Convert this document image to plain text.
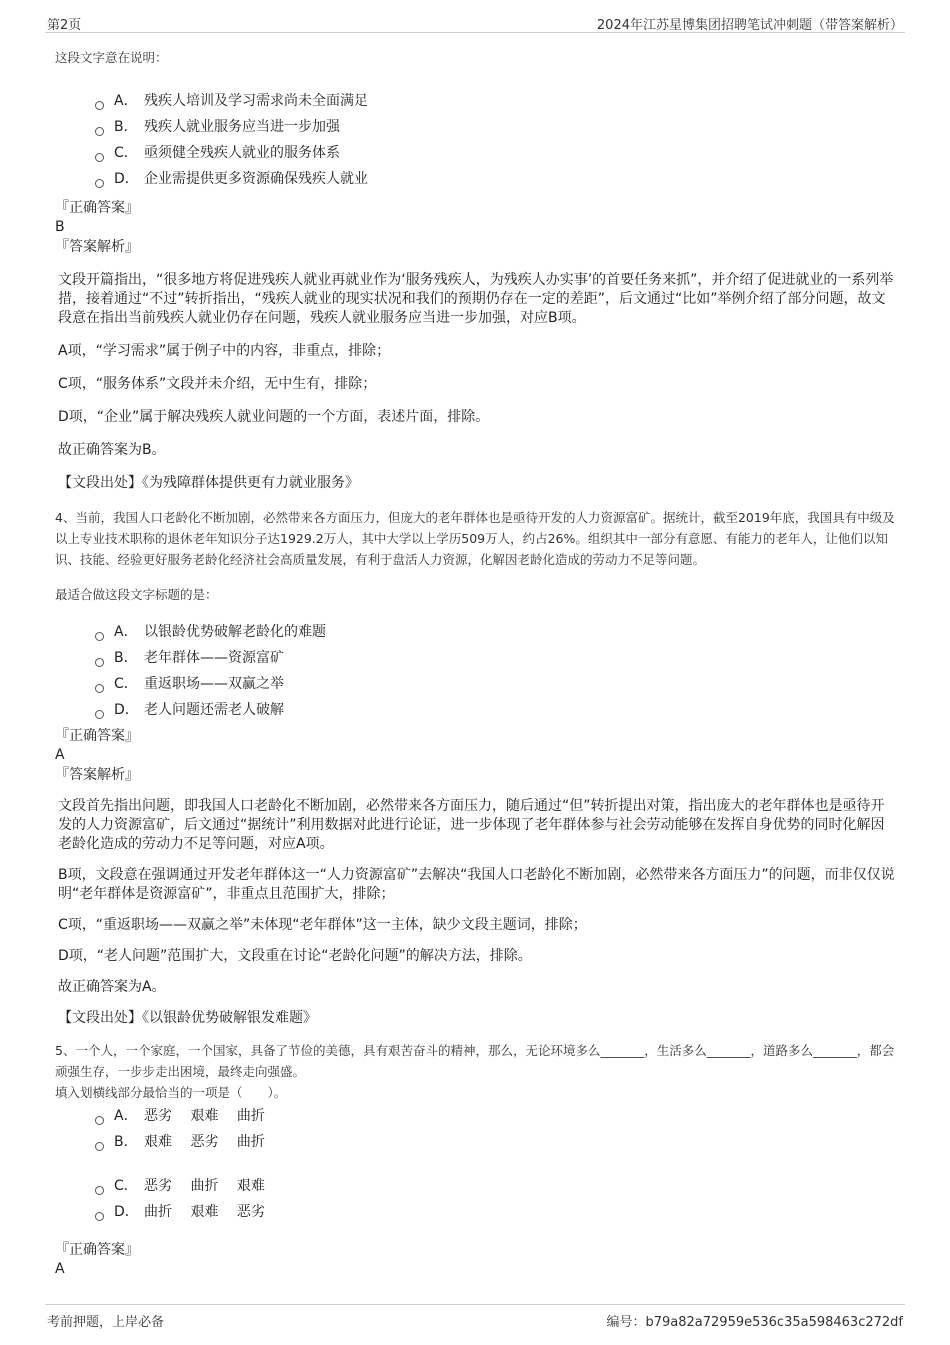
第2页	2024年江苏星博集团招聘笔试冲刺题（带答案解析）
这段文字意在说明：
A． 残疾人培训及学习需求尚未全面满足
B． 残疾人就业服务应当进一步加强
C． 亟须健全残疾人就业的服务体系
D． 企业需提供更多资源确保残疾人就业
『正确答案』
B
『答案解析』

文段开篇指出，“很多地方将促进残疾人就业再就业作为‘服务残疾人，为残疾人办实事’的首要任务来抓”，并介绍了促进就业的一系列举措，接着通过“不过”转折指出，“残疾人就业的现实状况和我们的预期仍存在一定的差距”，后文通过“比如”举例介绍了部分问题，故文段意在指出当前残疾人就业仍存在问题，残疾人就业服务应当进一步加强，对应B项。

A项，“学习需求”属于例子中的内容，非重点，排除；

C项，“服务体系”文段并未介绍，无中生有，排除；

D项，“企业”属于解决残疾人就业问题的一个方面，表述片面，排除。

故正确答案为B。

【文段出处】《为残障群体提供更有力就业服务》
4、当前，我国人口老龄化不断加剧，必然带来各方面压力，但庞大的老年群体也是亟待开发的人力资源富矿。据统计，截至2019年底，我国具有中级及以上专业技术职称的退休老年知识分子达1929.2万人，其中大学以上学历509万人，约占26%。组织其中一部分有意愿、有能力的老年人，让他们以知识、技能、经验更好服务老龄化经济社会高质量发展，有利于盘活人力资源，化解因老龄化造成的劳动力不足等问题。
最适合做这段文字标题的是：
A． 以银龄优势破解老龄化的难题
B． 老年群体——资源富矿
C． 重返职场——双赢之举
D． 老人问题还需老人破解
『正确答案』
A
『答案解析』

文段首先指出问题，即我国人口老龄化不断加剧，必然带来各方面压力，随后通过“但”转折提出对策，指出庞大的老年群体也是亟待开发的人力资源富矿，后文通过“据统计”利用数据对此进行论证，进一步体现了老年群体参与社会劳动能够在发挥自身优势的同时化解因老龄化造成的劳动力不足等问题，对应A项。

B项，文段意在强调通过开发老年群体这一“人力资源富矿”去解决“我国人口老龄化不断加剧，必然带来各方面压力”的问题，而非仅仅说明“老年群体是资源富矿”，非重点且范围扩大，排除；

C项，“重返职场——双赢之举”未体现“老年群体”这一主体，缺少文段主题词，排除；

D项，“老人问题”范围扩大，文段重在讨论“老龄化问题”的解决方法，排除。

故正确答案为A。

【文段出处】《以银龄优势破解银发难题》
5、一个人，一个家庭，一个国家，具备了节俭的美德，具有艰苦奋斗的精神，那么，无论环境多么_______，生活多么_______，道路多么_______，都会顽强生存，一步步走出困境，最终走向强盛。
填入划横线部分最恰当的一项是（　　）。
A． 恶劣　 艰难　 曲折
B． 艰难　 恶劣　 曲折
C． 恶劣　 曲折　 艰难
D． 曲折　 艰难　 恶劣
『正确答案』
A
考前押题，上岸必备	编号：b79a82a72959e536c35a598463c272df
